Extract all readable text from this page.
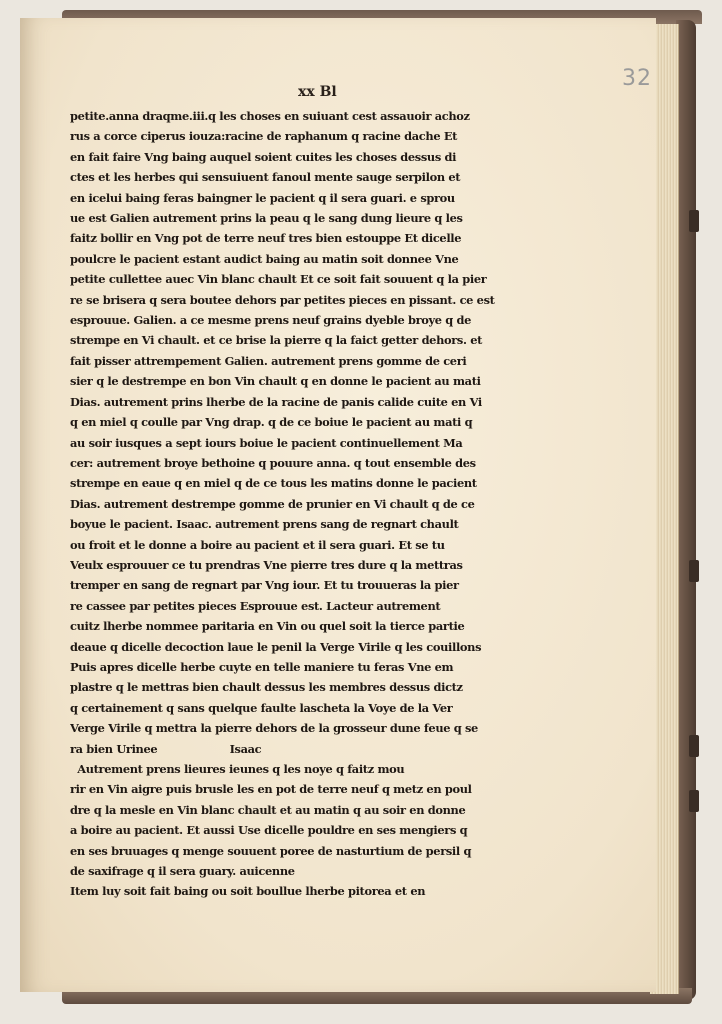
32
xx Bl
petite.anna draqme.iii.q les choses en suiuant cest assauoir achoz
rus a corce ciperus iouza:racine de raphanum q racine dache Et
en fait faire Vng baing auquel soient cuites les choses dessus di
ctes et les herbes qui sensuiuent fanoul mente sauge serpilon et
en icelui baing feras baingner le pacient q il sera guari. e sprou
ue est Galien autrement prins la peau q le sang dung lieure q les
faitz bollir en Vng pot de terre neuf tres bien estouppe Et dicelle
poulcre le pacient estant audict baing au matin soit donnee Vne
petite cullettee auec Vin blanc chault Et ce soit fait souuent q la pier
re se brisera q sera boutee dehors par petites pieces en pissant. ce est
esprouue. Galien. a ce mesme prens neuf grains dyeble broye q de
strempe en Vi chault. et ce brise la pierre q la faict getter dehors. et
fait pisser attrempement Galien. autrement prens gomme de ceri
sier q le destrempe en bon Vin chault q en donne le pacient au mati
Dias. autrement prins lherbe de la racine de panis calide cuite en Vi
q en miel q coulle par Vng drap. q de ce boiue le pacient au mati q
au soir iusques a sept iours boiue le pacient continuellement Ma
cer: autrement broye bethoine q pouure anna. q tout ensemble des
strempe en eaue q en miel q de ce tous les matins donne le pacient
Dias. autrement destrempe gomme de prunier en Vi chault q de ce
boyue le pacient. Isaac. autrement prens sang de regnart chault
ou froit et le donne a boire au pacient et il sera guari. Et se tu
Veulx esprouuer ce tu prendras Vne pierre tres dure q la mettras
tremper en sang de regnart par Vng iour. Et tu trouueras la pier
re cassee par petites pieces Esprouue est. Lacteur autrement
cuitz lherbe nommee paritaria en Vin ou quel soit la tierce partie
deaue q dicelle decoction laue le penil la Verge Virile q les couillons
Puis apres dicelle herbe cuyte en telle maniere tu feras Vne em
plastre q le mettras bien chault dessus les membres dessus dictz
q certainement q sans quelque faulte lascheta la Voye de la Ver
Verge Virile q mettra la pierre dehors de la grosseur dune feue q se
ra bien Urinee                    Isaac
Autrement prens lieures ieunes q les noye q faitz mou
rir en Vin aigre puis brusle les en pot de terre neuf q metz en poul
dre q la mesle en Vin blanc chault et au matin q au soir en donne
a boire au pacient. Et aussi Use dicelle pouldre en ses mengiers q
en ses bruuages q menge souuent poree de nasturtium de persil q
de saxifrage q il sera guary. auicenne
Item luy soit fait baing ou soit boullue lherbe pitorea et en
